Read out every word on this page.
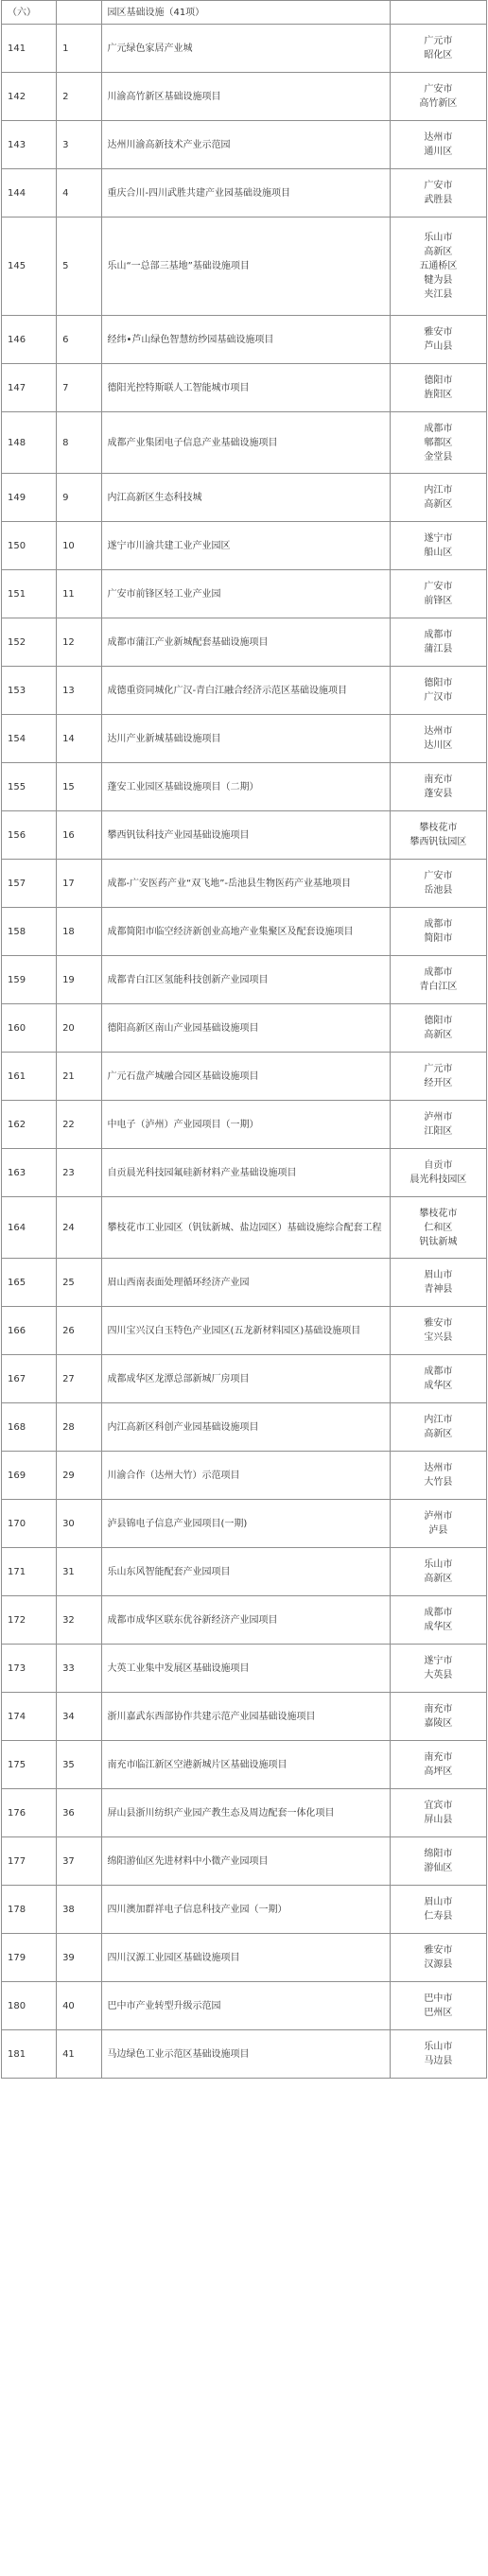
（六）		园区基础设施（41项）	
141	1	广元绿色家居产业城	广元市
昭化区

142	2	川渝高竹新区基础设施项目	广安市
高竹新区

143	3	达州川渝高新技术产业示范园	达州市
通川区

144	4	重庆合川-四川武胜共建产业园基础设施项目	广安市
武胜县

145	5	乐山“一总部三基地”基础设施项目	乐山市
高新区
五通桥区
犍为县
夹江县

146	6	经纬•芦山绿色智慧纺纱园基础设施项目	雅安市
芦山县

147	7	德阳光控特斯联人工智能城市项目	德阳市
旌阳区

148	8	成都产业集团电子信息产业基础设施项目	成都市
郫都区
金堂县

149	9	内江高新区生态科技城	内江市
高新区

150	10	遂宁市川渝共建工业产业园区	遂宁市
船山区

151	11	广安市前锋区轻工业产业园	广安市
前锋区

152	12	成都市蒲江产业新城配套基础设施项目	成都市
蒲江县

153	13	成德重资同城化广汉-青白江融合经济示范区基础设施项目	德阳市
广汉市

154	14	达川产业新城基础设施项目	达州市
达川区

155	15	蓬安工业园区基础设施项目（二期）	南充市
蓬安县

156	16	攀西钒钛科技产业园基础设施项目	攀枝花市
攀西钒钛园区

157	17	成都-广安医药产业“双飞地”-岳池县生物医药产业基地项目	广安市
岳池县

158	18	成都简阳市临空经济新创业高地产业集聚区及配套设施项目	成都市
简阳市

159	19	成都青白江区氢能科技创新产业园项目	成都市
青白江区

160	20	德阳高新区南山产业园基础设施项目	德阳市
高新区

161	21	广元石盘产城融合园区基础设施项目	广元市
经开区

162	22	中电子（泸州）产业园项目（一期）	泸州市
江阳区

163	23	自贡晨光科技园氟硅新材料产业基础设施项目	自贡市
晨光科技园区

164	24	攀枝花市工业园区（钒钛新城、盐边园区）基础设施综合配套工程	攀枝花市
仁和区
钒钛新城

165	25	眉山西南表面处理循环经济产业园	眉山市
青神县

166	26	四川宝兴汉白玉特色产业园区(五龙新材料园区)基础设施项目	雅安市
宝兴县

167	27	成都成华区龙潭总部新城厂房项目	成都市
成华区

168	28	内江高新区科创产业园基础设施项目	内江市
高新区

169	29	川渝合作（达州大竹）示范项目	达州市
大竹县

170	30	泸县锦电子信息产业园项目(一期)	泸州市
泸县

171	31	乐山东风智能配套产业园项目	乐山市
高新区

172	32	成都市成华区联东优谷新经济产业园项目	成都市
成华区

173	33	大英工业集中发展区基础设施项目	遂宁市
大英县

174	34	浙川嘉武东西部协作共建示范产业园基础设施项目	南充市
嘉陵区

175	35	南充市临江新区空港新城片区基础设施项目	南充市
高坪区

176	36	屏山县浙川纺织产业园产教生态及周边配套一体化项目	宜宾市
屏山县

177	37	绵阳游仙区先进材料中小微产业园项目	绵阳市
游仙区

178	38	四川澳加群祥电子信息科技产业园（一期）	眉山市
仁寿县

179	39	四川汉源工业园区基础设施项目	雅安市
汉源县

180	40	巴中市产业转型升级示范园	巴中市
巴州区

181	41	马边绿色工业示范区基础设施项目	乐山市
马边县
